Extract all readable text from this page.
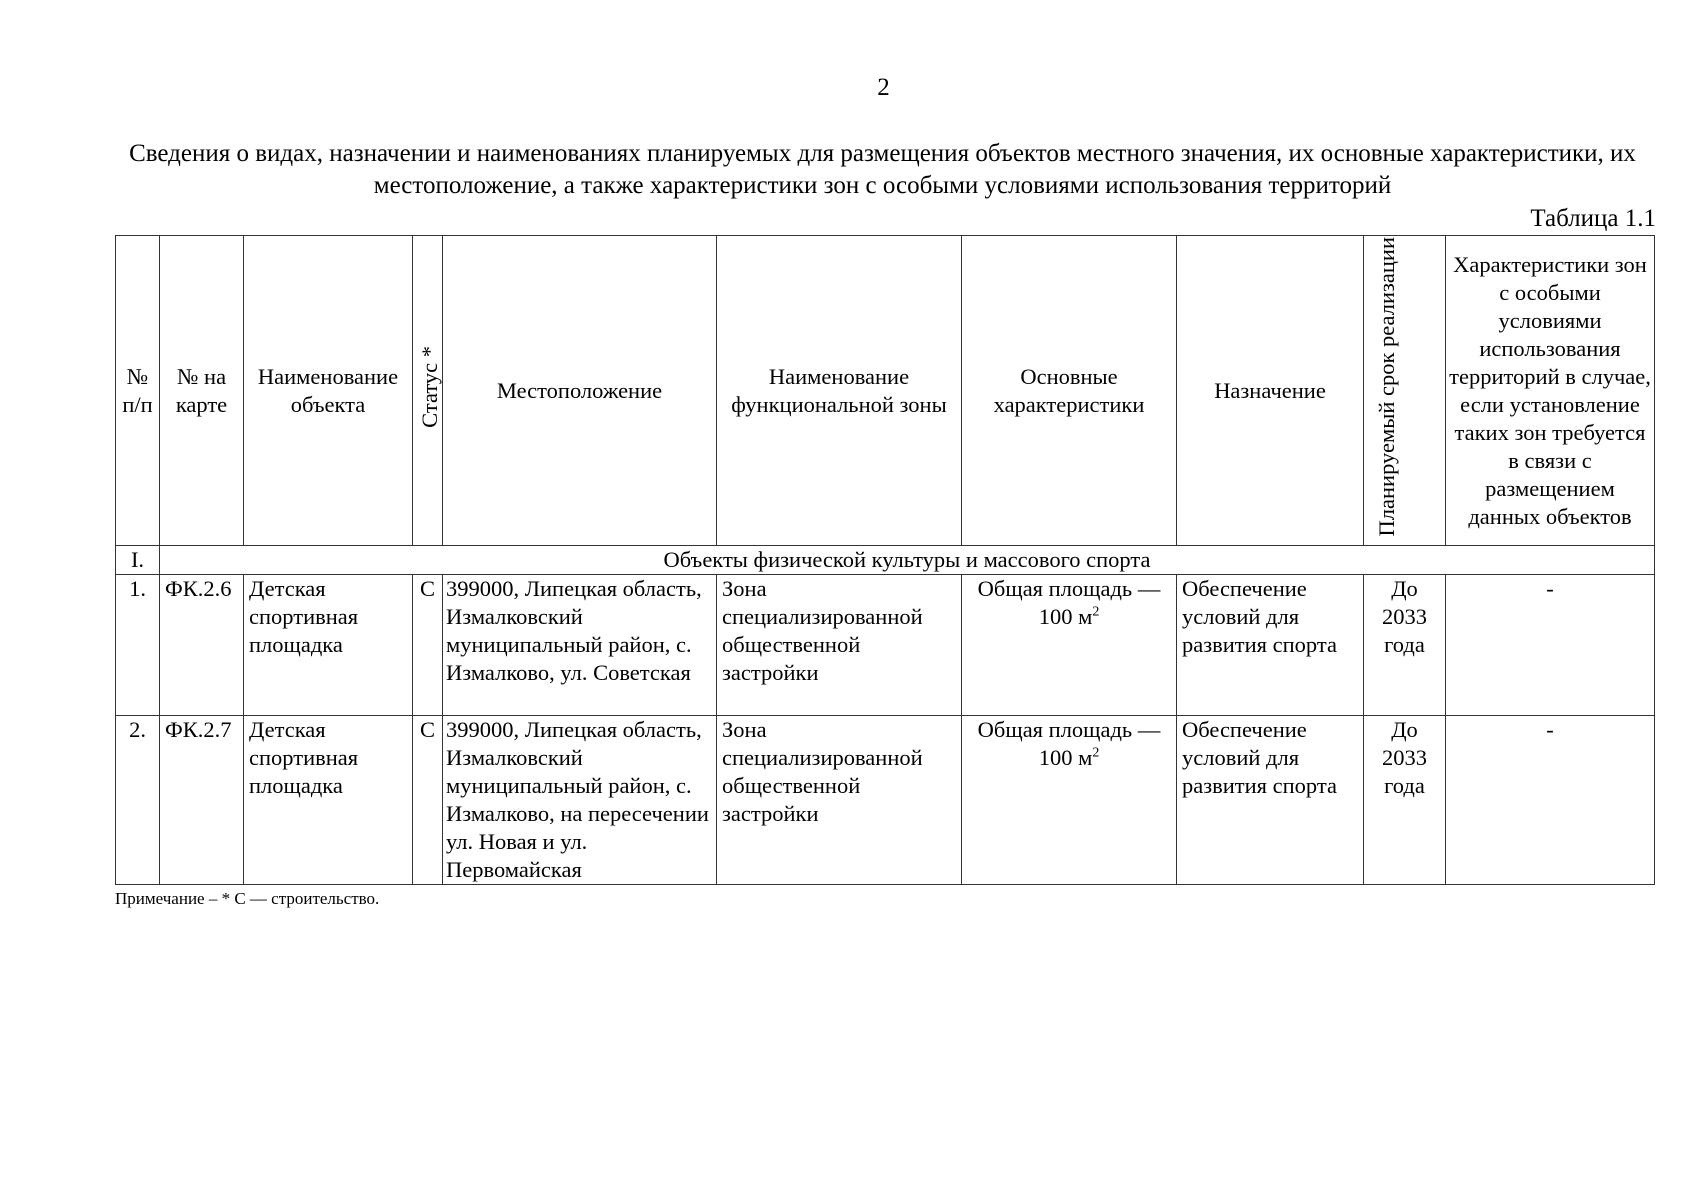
2
Сведения о видах, назначении и наименованиях планируемых для размещения объектов местного значения, их основные характеристики, их местоположение, а также характеристики зон с особыми условиями использования территорий
Таблица 1.1
№ п/п	№ на карте	Наименование объекта	Статус *	Местоположение	Наименование функциональной зоны	Основные характеристики	Назначение	Планируемый срок реализации	Характеристики зон с особыми условиями использования территорий в случае, если установление таких зон требуется в связи с размещением данных объектов
I.	Объекты физической культуры и массового спорта								
1.	ФК.2.6	Детская спортивная площадка	С	399000, Липецкая область, Измалковский муниципальный район, с. Измалково, ул. Советская	Зона специализированной общественной застройки	Общая площадь — 100 $м^2$	Обеспечение условий для развития спорта	До 2033 года	-
2.	ФК.2.7	Детская спортивная площадка	С	399000, Липецкая область, Измалковский муниципальный район, с. Измалково, на пересечении ул. Новая и ул. Первомайская	Зона специализированной общественной застройки	Общая площадь — 100 $м^2$	Обеспечение условий для развития спорта	До 2033 года	-
Примечание – * С — строительство.
